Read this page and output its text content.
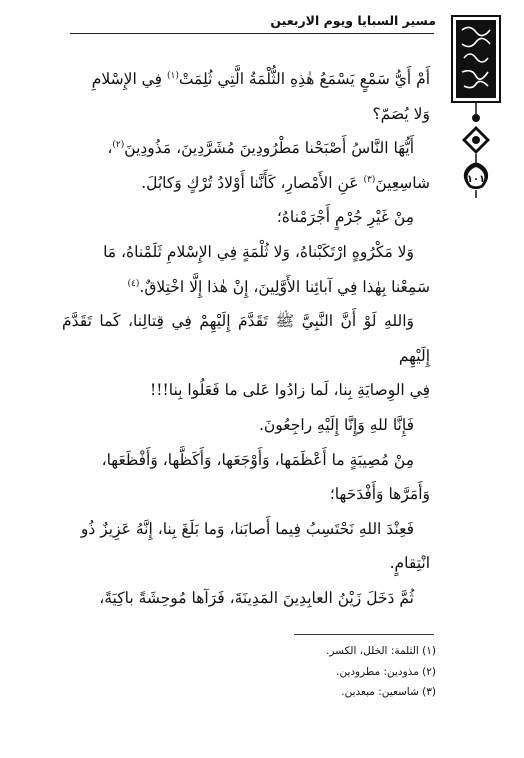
مسير السبايا ويوم الاربعين
١٠١

أَمْ أَيُّ سَمْعٍ يَسْمَعُ هٰذِهِ الثُّلْمَةُ الَّتِي ثُلِمَتْ$^{(١)}$ فِي الإِسْلامِ

وَلا يُصَمّ؟

أَيُّهَا النَّاسُ أَصْبَحْنا مَطْرُودِينَ مُشَرَّدِينَ، مَذُودِينَ$^{(٢)}$،

شاسِعِينَ$^{(٣)}$ عَنِ الأَمْصارِ، كَأَنَّنا أَوْلادُ تُرْكٍ وَكابُلَ.

مِنْ غَيْرِ جُرْمٍ أَجْرَمْناهُ؛

وَلا مَكْرُوهٍ ارْتَكَبْناهُ، وَلا ثُلْمَةٍ فِي الإِسْلامِ ثَلَمْناهُ، مَا

سَمِعْنا بِهٰذا فِي آبائِنا الأَوَّلِينَ، إِنْ هٰذا إِلَّا اخْتِلاقٌ.$^{(٤)}$

وَاللهِ لَوْ أَنَّ النَّبِيَّ ﷺ تَقَدَّمَ إِلَيْهِمْ فِي قِتالِنا، كَما تَقَدَّمَ إِلَيْهِم

فِي الوِصايَةِ بِنا، لَما زادُوا عَلى ما فَعَلُوا بِنا!!!

فَإِنَّا للهِ وَإِنَّا إِلَيْهِ راجِعُونَ.

مِنْ مُصِيبَةٍ ما أَعْظَمَها، وَأَوْجَعَها، وَأَكَظَّها، وَأَفْظَعَها،

وَأَمَرَّها وَأَفْدَحَها؛

فَعِنْدَ اللهِ نَحْتَسِبُ فِيما أَصابَنا، وَما بَلَغَ بِنا، إِنَّهُ عَزِيزٌ ذُو

انْتِقامٍ.

ثُمَّ دَخَلَ زَيْنُ العابِدِينَ المَدِينَةَ، فَرَآها مُوحِشَةً باكِيَةً،

(١) الثلمة: الخلل، الكسر.
(٢) مذودين: مطرودين.
(٣) شاسعين: مبعدين.
